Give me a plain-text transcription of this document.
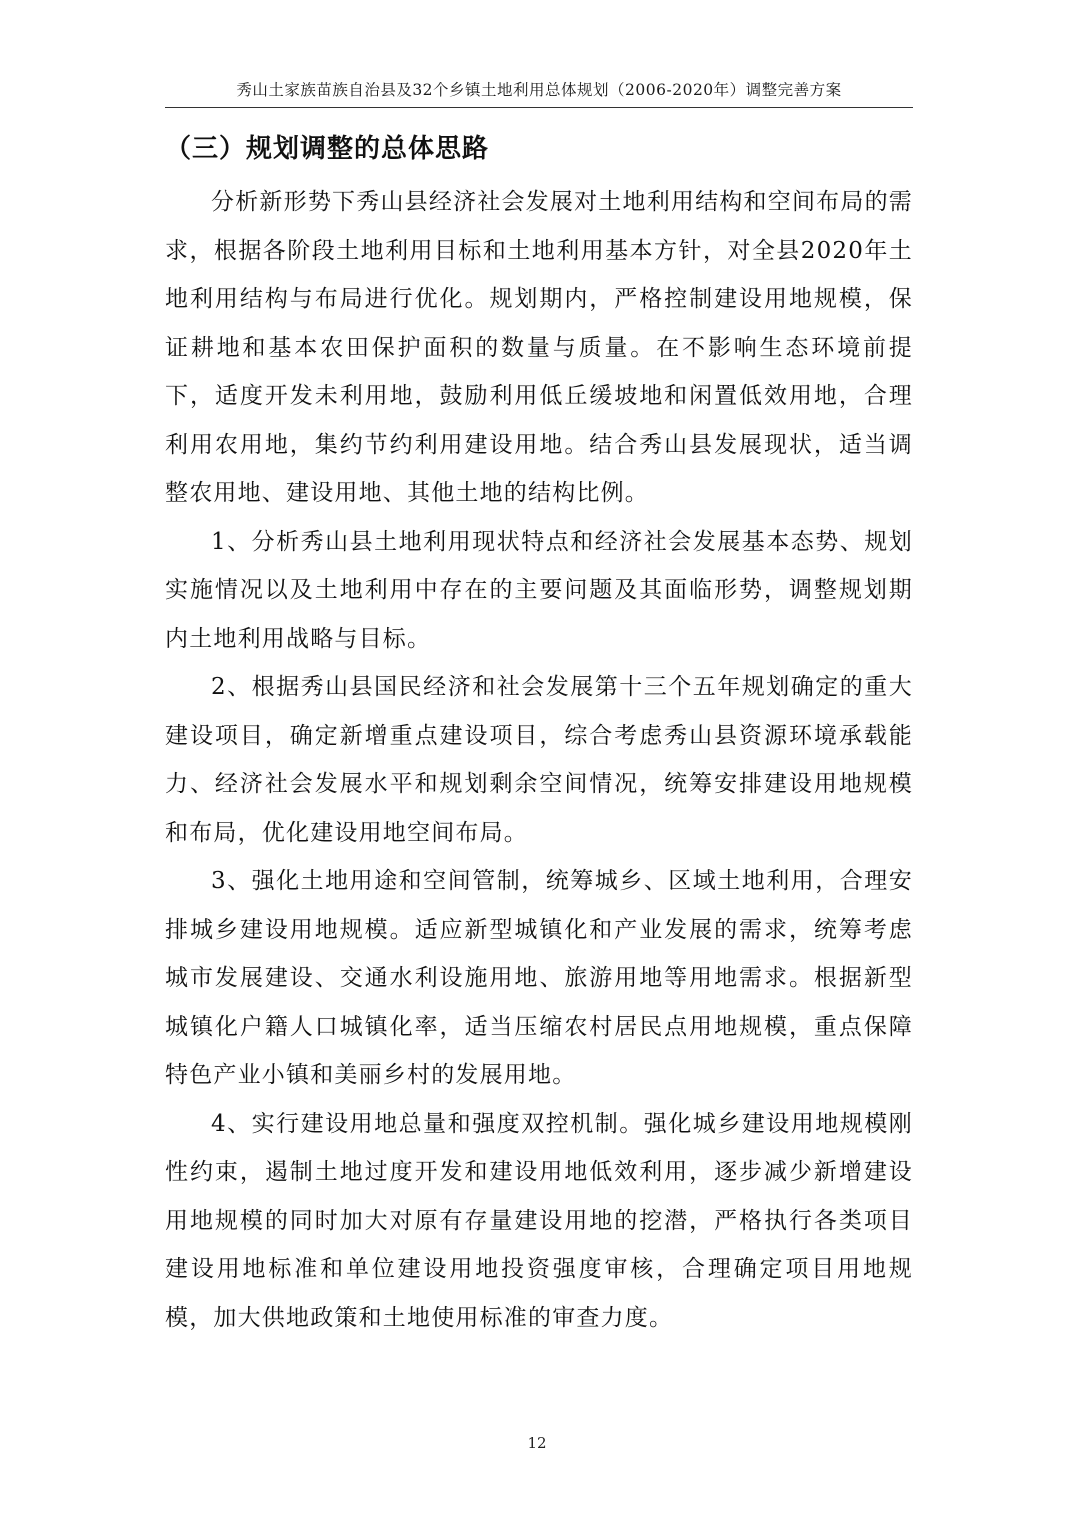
秀山土家族苗族自治县及32个乡镇土地利用总体规划（2006-2020年）调整完善方案
（三）规划调整的总体思路

分析新形势下秀山县经济社会发展对土地利用结构和空间布局的需求，根据各阶段土地利用目标和土地利用基本方针，对全县2020年土地利用结构与布局进行优化。规划期内，严格控制建设用地规模，保证耕地和基本农田保护面积的数量与质量。在不影响生态环境前提下，适度开发未利用地，鼓励利用低丘缓坡地和闲置低效用地，合理利用农用地，集约节约利用建设用地。结合秀山县发展现状，适当调整农用地、建设用地、其他土地的结构比例。

1、分析秀山县土地利用现状特点和经济社会发展基本态势、规划实施情况以及土地利用中存在的主要问题及其面临形势，调整规划期内土地利用战略与目标。

2、根据秀山县国民经济和社会发展第十三个五年规划确定的重大建设项目，确定新增重点建设项目，综合考虑秀山县资源环境承载能力、经济社会发展水平和规划剩余空间情况，统筹安排建设用地规模和布局，优化建设用地空间布局。

3、强化土地用途和空间管制，统筹城乡、区域土地利用，合理安排城乡建设用地规模。适应新型城镇化和产业发展的需求，统筹考虑城市发展建设、交通水利设施用地、旅游用地等用地需求。根据新型城镇化户籍人口城镇化率，适当压缩农村居民点用地规模，重点保障特色产业小镇和美丽乡村的发展用地。

4、实行建设用地总量和强度双控机制。强化城乡建设用地规模刚性约束，遏制土地过度开发和建设用地低效利用，逐步减少新增建设用地规模的同时加大对原有存量建设用地的挖潜，严格执行各类项目建设用地标准和单位建设用地投资强度审核，合理确定项目用地规模，加大供地政策和土地使用标准的审查力度。

12
